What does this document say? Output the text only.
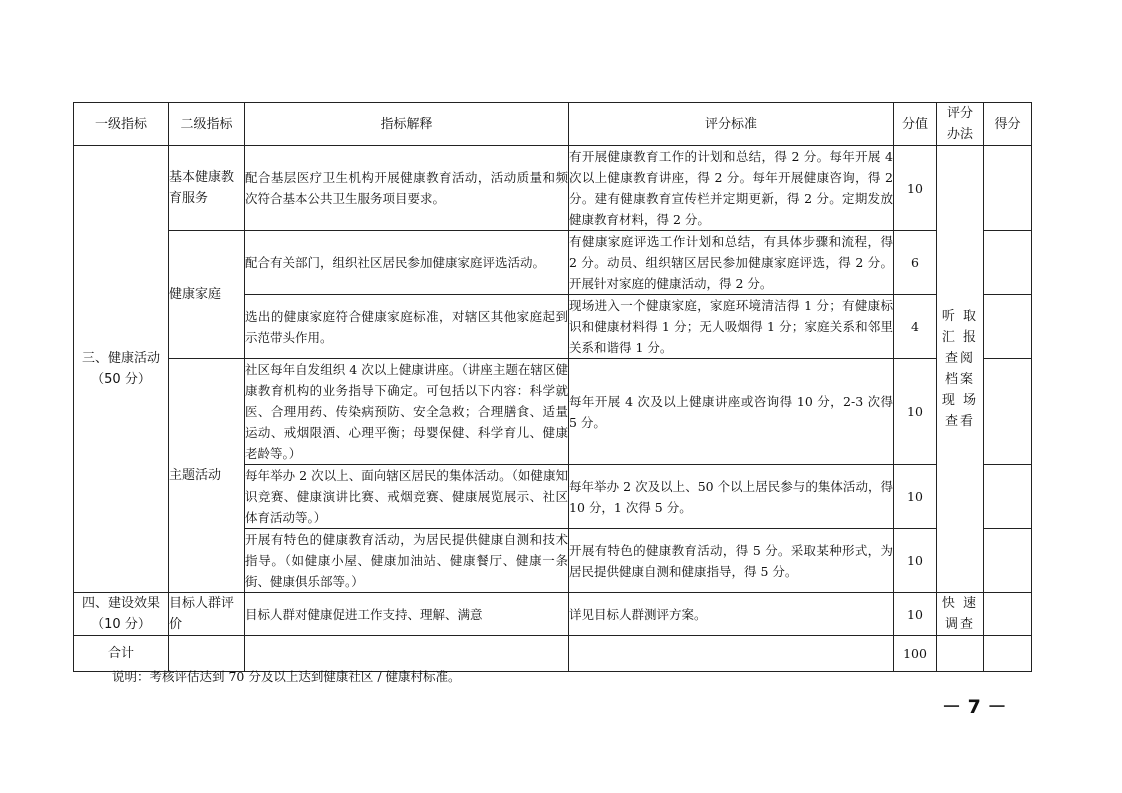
一级指标	二级指标	指标解释	评分标准	分值	评分办法	得分

三、健康活动
（50 分）	基本健康教育服务	配合基层医疗卫生机构开展健康教育活动，活动质量和频次符合基本公共卫生服务项目要求。	有开展健康教育工作的计划和总结，得 2 分。每年开展 4 次以上健康教育讲座，得 2 分。每年开展健康咨询，得 2 分。建有健康教育宣传栏并定期更新，得 2 分。定期发放健康教育材料，得 2 分。	10	听 取 汇 报 查阅 档案 现 场 查看	
	健康家庭	配合有关部门，组织社区居民参加健康家庭评选活动。	有健康家庭评选工作计划和总结，有具体步骤和流程，得 2 分。动员、组织辖区居民参加健康家庭评选，得 2 分。开展针对家庭的健康活动，得 2 分。	6		
		选出的健康家庭符合健康家庭标准，对辖区其他家庭起到示范带头作用。	现场进入一个健康家庭，家庭环境清洁得 1 分；有健康标识和健康材料得 1 分；无人吸烟得 1 分；家庭关系和邻里关系和谐得 1 分。	4		
	主题活动	社区每年自发组织 4 次以上健康讲座。（讲座主题在辖区健康教育机构的业务指导下确定。可包括以下内容：科学就医、合理用药、传染病预防、安全急救；合理膳食、适量运动、戒烟限酒、心理平衡；母婴保健、科学育儿、健康老龄等。）	每年开展 4 次及以上健康讲座或咨询得 10 分，2-3 次得 5 分。	10		
		每年举办 2 次以上、面向辖区居民的集体活动。（如健康知识竞赛、健康演讲比赛、戒烟竞赛、健康展览展示、社区体育活动等。）	每年举办 2 次及以上、50 个以上居民参与的集体活动，得 10 分，1 次得 5 分。	10		
		开展有特色的健康教育活动，为居民提供健康自测和技术指导。（如健康小屋、健康加油站、健康餐厅、健康一条街、健康俱乐部等。）	开展有特色的健康教育活动，得 5 分。采取某种形式，为居民提供健康自测和健康指导，得 5 分。	10		

四、建设效果
（10 分）	目标人群评价	目标人群对健康促进工作支持、理解、满意	详见目标人群测评方案。	10	快 速 调查	
合计				100		
说明：考核评估达到 70 分及以上达到健康社区 / 健康村标准。
－ 7 －
